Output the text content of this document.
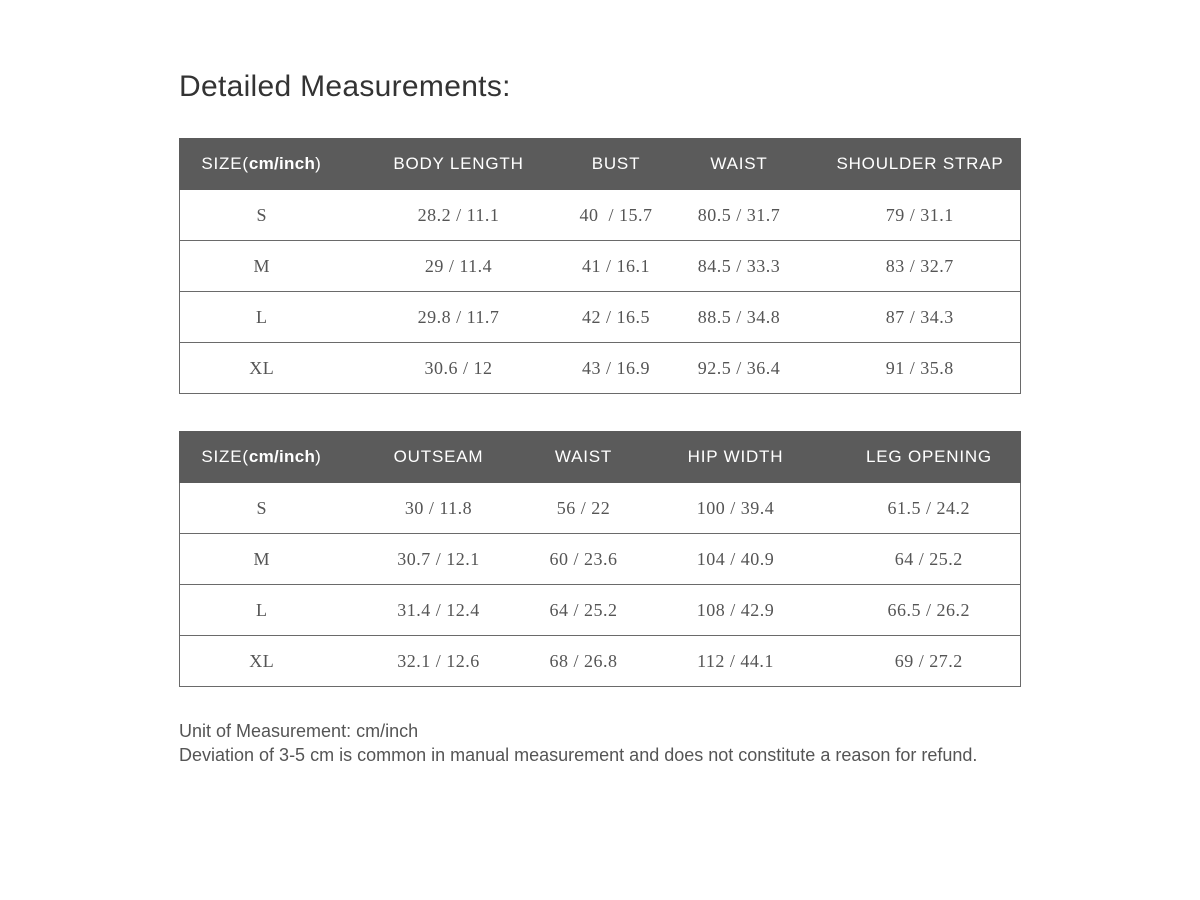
Detailed Measurements:
SIZE(cm/inch)	BODY LENGTH	BUST	WAIST	SHOULDER STRAP
S	28.2 / 11.1	40  / 15.7	80.5 / 31.7	79 / 31.1
M	29 / 11.4	41 / 16.1	84.5 / 33.3	83 / 32.7
L	29.8 / 11.7	42 / 16.5	88.5 / 34.8	87 / 34.3
XL	30.6 / 12	43 / 16.9	92.5 / 36.4	91 / 35.8
SIZE(cm/inch)	OUTSEAM	WAIST	HIP WIDTH	LEG OPENING
S	30 / 11.8	56 / 22	100 / 39.4	61.5 / 24.2
M	30.7 / 12.1	60 / 23.6	104 / 40.9	64 / 25.2
L	31.4 / 12.4	64 / 25.2	108 / 42.9	66.5 / 26.2
XL	32.1 / 12.6	68 / 26.8	112 / 44.1	69 / 27.2
Unit of Measurement: cm/inch
Deviation of 3-5 cm is common in manual measurement and does not constitute a reason for refund.
